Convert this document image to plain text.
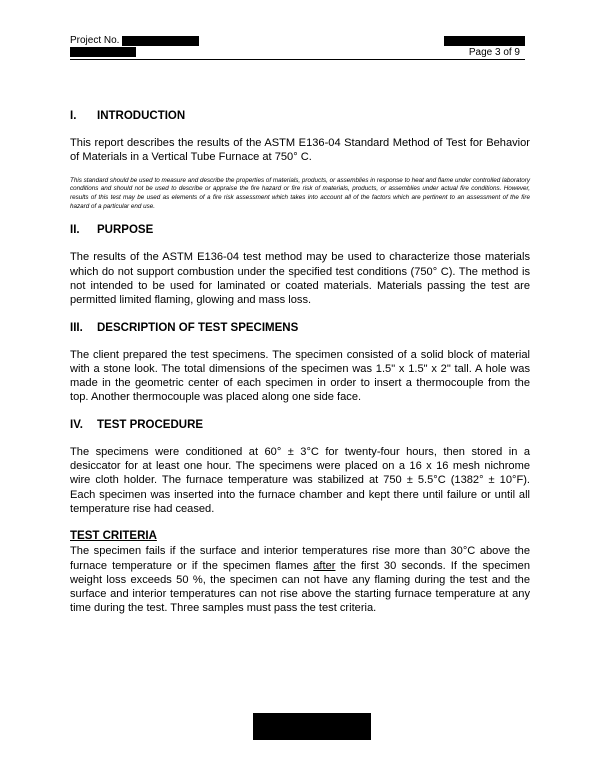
Project No.
Page 3 of 9
I.	INTRODUCTION

This report describes the results of the ASTM E136-04 Standard Method of Test for Behavior of Materials in a Vertical Tube Furnace at 750° C.

This standard should be used to measure and describe the properties of materials, products, or assemblies in response to heat and flame under controlled laboratory conditions and should not be used to describe or appraise the fire hazard or fire risk of materials, products, or assemblies under actual fire conditions. However, results of this test may be used as elements of a fire risk assessment which takes into account all of the factors which are pertinent to an assessment of the fire hazard of a particular end use.

II.	PURPOSE

The results of the ASTM E136-04 test method may be used to characterize those materials which do not support combustion under the specified test conditions (750° C). The method is not intended to be used for laminated or coated materials. Materials passing the test are permitted limited flaming, glowing and mass loss.

III.	DESCRIPTION OF TEST SPECIMENS

The client prepared the test specimens. The specimen consisted of a solid block of material with a stone look. The total dimensions of the specimen was 1.5" x 1.5" x 2" tall. A hole was made in the geometric center of each specimen in order to insert a thermocouple from the top. Another thermocouple was placed along one side face.

IV.	TEST PROCEDURE

The specimens were conditioned at 60° ± 3°C for twenty-four hours, then stored in a desiccator for at least one hour. The specimens were placed on a 16 x 16 mesh nichrome wire cloth holder. The furnace temperature was stabilized at 750 ± 5.5°C (1382° ± 10°F). Each specimen was inserted into the furnace chamber and kept there until failure or until all temperature rise had ceased.

TEST CRITERIA

The specimen fails if the surface and interior temperatures rise more than 30°C above the furnace temperature or if the specimen flames after the first 30 seconds. If the specimen weight loss exceeds 50 %, the specimen can not have any flaming during the test and the surface and interior temperatures can not rise above the starting furnace temperature at any time during the test. Three samples must pass the test criteria.
